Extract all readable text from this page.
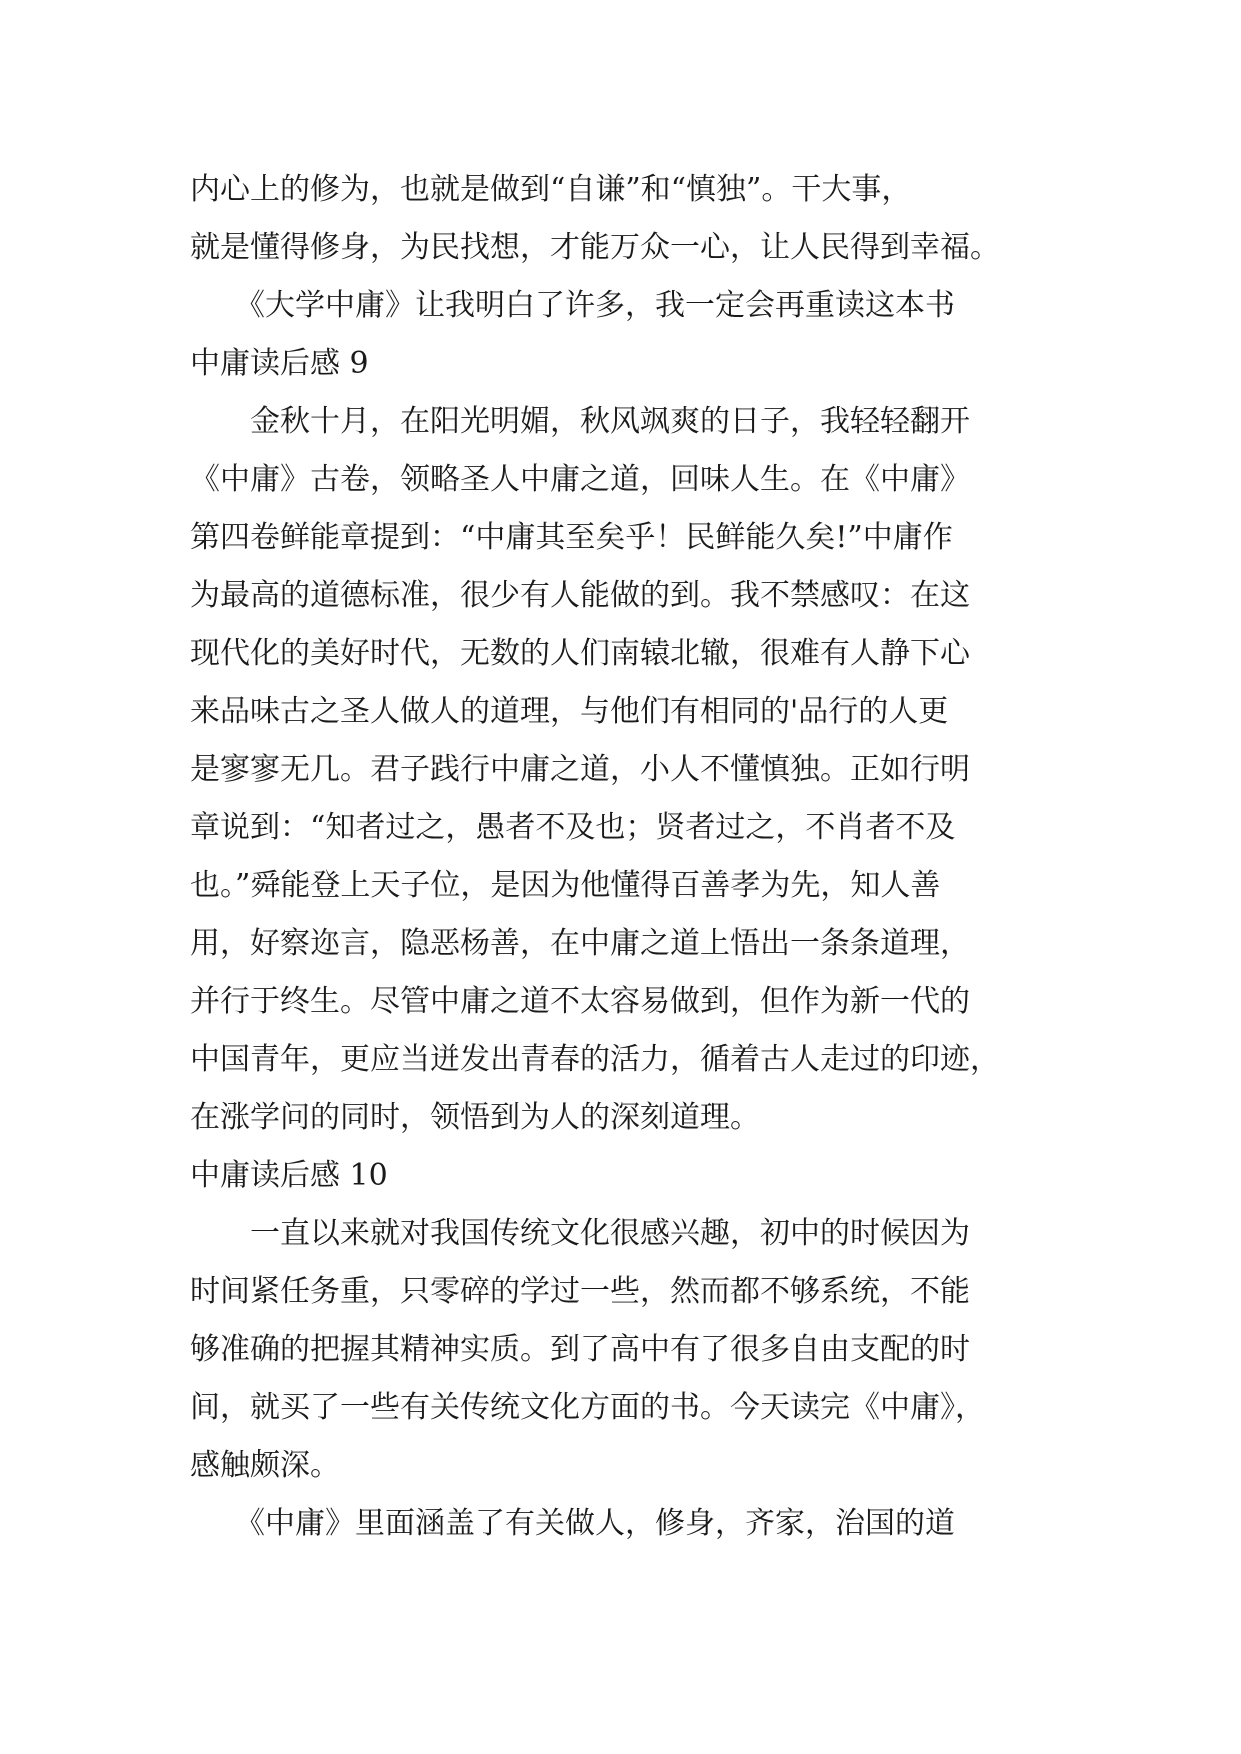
内心上的修为，也就是做到“自谦”和“慎独”。干大事，
就是懂得修身，为民找想，才能万众一心，让人民得到幸福。
　　《大学中庸》让我明白了许多，我一定会再重读这本书
中庸读后感 9
　　金秋十月，在阳光明媚，秋风飒爽的日子，我轻轻翻开
《中庸》古卷，领略圣人中庸之道，回味人生。在《中庸》
第四卷鲜能章提到：“中庸其至矣乎！民鲜能久矣!”中庸作
为最高的道德标准，很少有人能做的到。我不禁感叹：在这
现代化的美好时代，无数的人们南辕北辙，很难有人静下心
来品味古之圣人做人的道理，与他们有相同的'品行的人更
是寥寥无几。君子践行中庸之道，小人不懂慎独。正如行明
章说到：“知者过之，愚者不及也；贤者过之，不肖者不及
也。”舜能登上天子位，是因为他懂得百善孝为先，知人善
用，好察迩言，隐恶杨善，在中庸之道上悟出一条条道理，
并行于终生。尽管中庸之道不太容易做到，但作为新一代的
中国青年，更应当迸发出青春的活力，循着古人走过的印迹，
在涨学问的同时，领悟到为人的深刻道理。
中庸读后感 10
　　一直以来就对我国传统文化很感兴趣，初中的时候因为
时间紧任务重，只零碎的学过一些，然而都不够系统，不能
够准确的把握其精神实质。到了高中有了很多自由支配的时
间，就买了一些有关传统文化方面的书。今天读完《中庸》，
感触颇深。
　　《中庸》里面涵盖了有关做人，修身，齐家，治国的道
